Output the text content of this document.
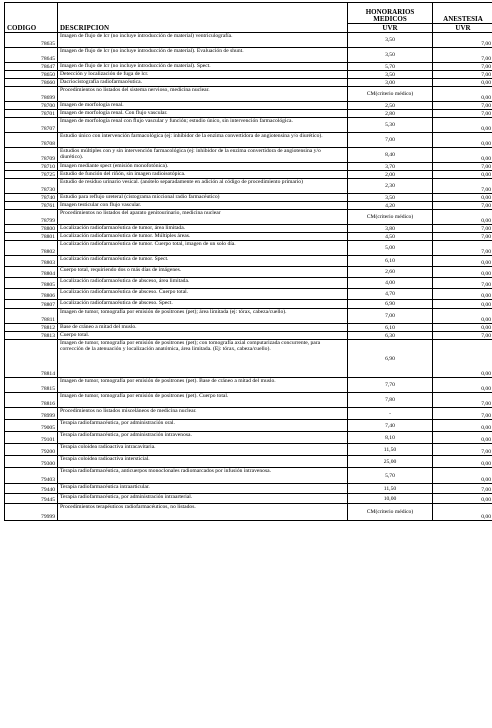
CODIGO	DESCRIPCION	HONORARIOS MEDICOS	ANESTESIA
		UVR	UVR
78635	Imagen de flujo de lcr (no incluye introducción de material) ventriculografía.	3,50	7,00
78645	Imagen de flujo de lcr (no incluye introducción de material). Evaluación de shunt.	3,50	7,00
78647	Imagen de flujo de lcr (no incluye introducción de material). Spect.	5,70	7,00
78650	Detección y localización de fuga de lcr.	3,50	7,00
78660	Dacriocistografía radiofarmacéutica.	3,00	0,00
78699	Procedimientos no listados del sistema nervioso, medicina nuclear.	CM(criterio médico)	0,00
78700	Imagen de morfología renal.	2,50	7,00
78701	Imagen de morfología renal. Con flujo vascular.	2,80	7,00
78707	Imagen de morfología renal con flujo vascular y función; estudio único, sin intervención farmacológica.	5,30	0,00
78708	Estudio único con intervención farmacológica (ej: inhibidor de la enzima convertidora de angiotensina y/o diurético).	7,00	0,00
78709	Estudios múltiples con y sin intervención farmacológica (ej: inhibidor de la enzima convertidora de angiotensina y/o diurético).	8,40	0,00
78710	Imagen mediante spect (emisión monofotónica).	3,70	7,00
78725	Estudio de función del riñón, sin imagen radioisotópica.	2,00	0,00
78730	Estudio de residuo urinario vesical. (anótelo separadamente en adición al código de procedimiento primario)	2,30	7,00
78740	Estudio para reflujo ureteral (cistograma miccional radio farmacéutico)	3,50	0,00
78761	Imagen testicular con flujo vascular.	4,20	7,00
78799	Procedimientos no listados del aparato genitourinario, medicina nuclear	CM(criterio médico)	0,00
78800	Localización radiofarmacéutica de tumor, área limitada.	3,80	7,00
78801	Localización radiofarmacéutica de tumor. Múltiples áreas.	4,50	7,00
78802	Localización radiofarmacéutica de tumor. Cuerpo total, imagen de un solo día.	5,00	7,00
78803	Localización radiofarmacéutica de tumor. Spect.	6,10	0,00
78804	Cuerpo total, requiriendo dos o más días de imágenes.	2,60	0,00
78805	Localización radiofarmacéutica de absceso, área limitada.	4,00	7,00
78806	Localización radiofarmacéutica de absceso. Cuerpo total.	4,70	0,00
78807	Localización radiofarmacéutica de absceso. Spect.	6,90	0,00
78811	Imagen de tumor, tomografía por emisión de positrones (pet); área limitada (ej: tórax, cabeza/cuello).	7,00	0,00
78812	Base de cráneo a mitad del muslo.	6,10	0,00
78813	Cuerpo total.	6,30	7,00
78814	Imagen de tumor, tomografía por emisión de positrones (pet); con tomografía axial computarizada concurrente, para corrección de la atenuación y localización anatómica, área limitada. (Ej: tórax, cabeza/cuello).	6,90	0,00
78815	Imagen de tumor, tomografía por emisión de positrones (pet). Base de cráneo a mitad del muslo.	7,70	0,00
78816	Imagen de tumor, tomografía por emisión de positrones (pet). Cuerpo total.	7,80	7,00
78999	Procedimientos no listados misceláneos de medicina nuclear.	-	7,00
79005	Terapia radiofarmacéutica, por administración oral.	7,40	0,00
79101	Terapia radiofarmacéutica, por administración intravenosa.	8,10	0,00
79200	Terapia coloidea radioactiva intracavitaria.	11,50	7,00
79300	Terapia coloidea radioactiva intersticial.	25,00	0,00
79403	Terapia radiofarmacéutica, anticuerpos monoclonales radiomarcados por infusión intravenosa.	5,70	0,00
79440	Terapia radiofarmacéutica intraarticular.	11,50	7,00
79445	Terapia radiofarmacéutica, por administración intraarterial.	10,00	0,00
79999	Procedimientos terapéuticos radiofarmacéuticos, no listados.	CM(criterio médico)	0,00
